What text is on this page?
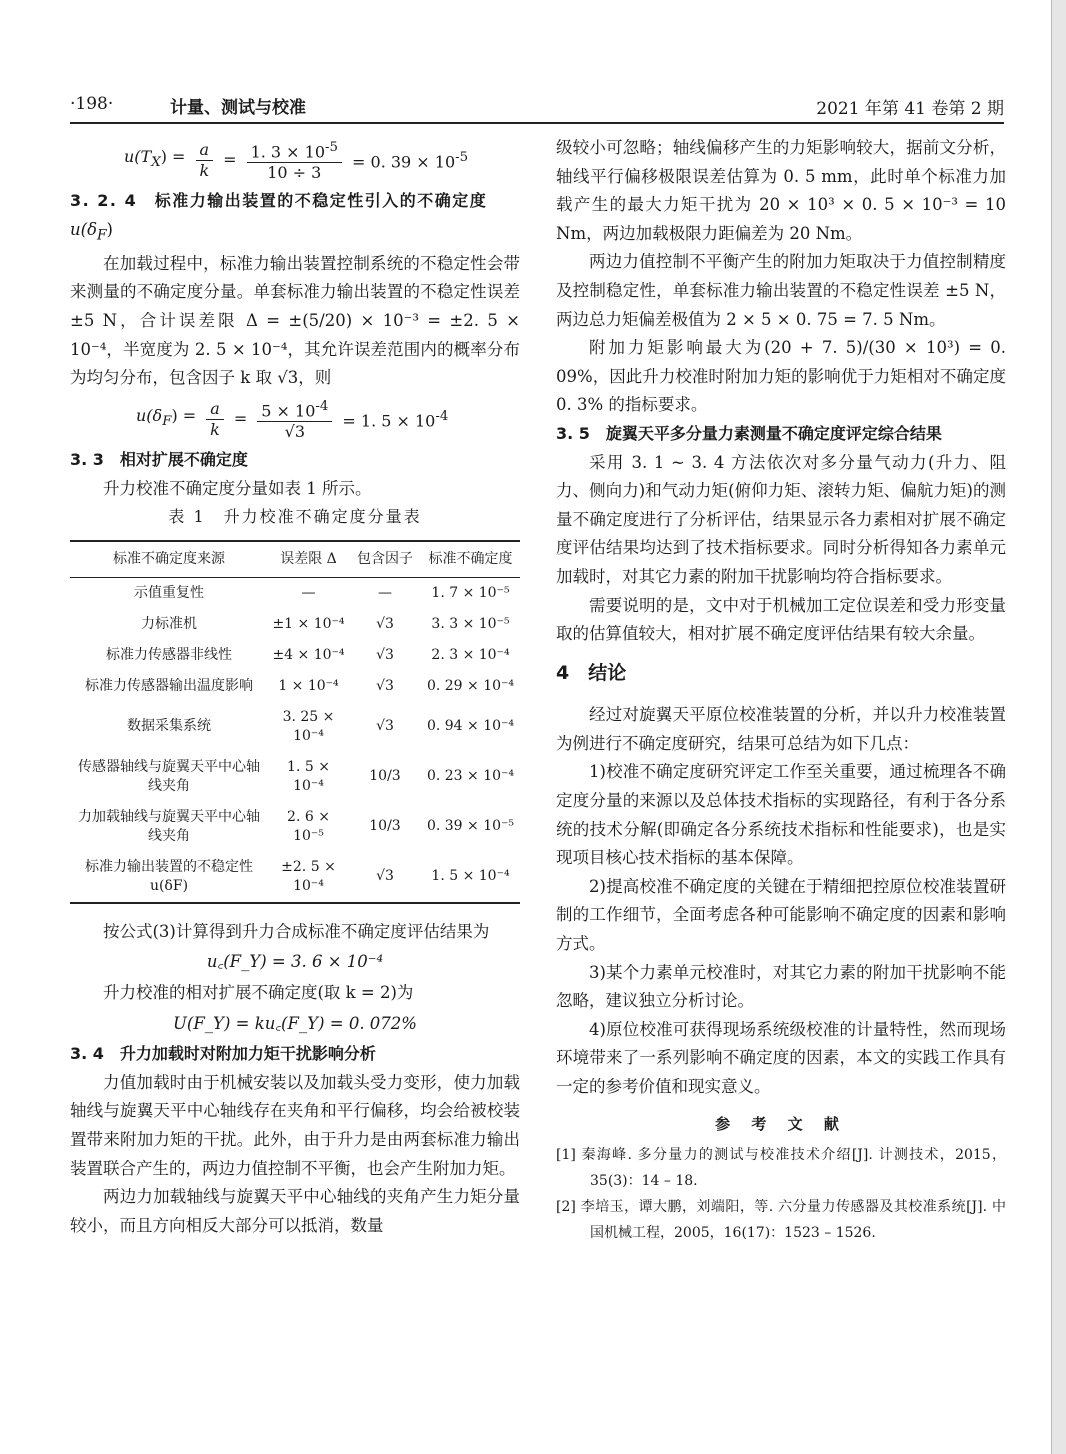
·198·	计量、测试与校准	2021 年第 41 卷第 2 期
$u(T_X) = \frac{a}{k} = \frac{1. 3 \times 10^{-5}}{10 \div 3} = 0$. $39 \times 10^{-5}$

3. 2. 4　标准力输出装置的不稳定性引入的不确定度

$u(\delta_F)$

在加载过程中，标准力输出装置控制系统的不稳定性会带来测量的不确定度分量。单套标准力输出装置的不稳定性误差 ±5 N，合计误差限 Δ = ±(5/20) × 10⁻³ = ±2. 5 × 10⁻⁴，半宽度为 2. 5 × 10⁻⁴，其允许误差范围内的概率分布为均匀分布，包含因子 k 取 √3，则

$u(\delta_F) = \frac{a}{k} = \frac{5 \times 10^{-4}}{√3} = 1$. $5 \times 10^{-4}$

3. 3　相对扩展不确定度

升力校准不确定度分量如表 1 所示。

表 1　升力校准不确定度分量表

标准不确定度来源	误差限 Δ	包含因子	标准不确定度
示值重复性	—	—	1. 7 × 10⁻⁵
力标准机	±1 × 10⁻⁴	√3	3. 3 × 10⁻⁵
标准力传感器非线性	±4 × 10⁻⁴	√3	2. 3 × 10⁻⁴
标准力传感器输出温度影响	1 × 10⁻⁴	√3	0. 29 × 10⁻⁴
数据采集系统	3. 25 × 10⁻⁴	√3	0. 94 × 10⁻⁴
传感器轴线与旋翼天平中心轴线夹角	1. 5 × 10⁻⁴	10/3	0. 23 × 10⁻⁴
力加载轴线与旋翼天平中心轴线夹角	2. 6 × 10⁻⁵	10/3	0. 39 × 10⁻⁵
标准力输出装置的不稳定性 u(δF)	±2. 5 × 10⁻⁴	√3	1. 5 × 10⁻⁴

按公式(3)计算得到升力合成标准不确定度评估结果为

u꜀(F_Y) = 3. 6 × 10⁻⁴

升力校准的相对扩展不确定度(取 k = 2)为

U(F_Y) = ku꜀(F_Y) = 0. 072%

3. 4　升力加载时对附加力矩干扰影响分析

力值加载时由于机械安装以及加载头受力变形，使力加载轴线与旋翼天平中心轴线存在夹角和平行偏移，均会给被校装置带来附加力矩的干扰。此外，由于升力是由两套标准力输出装置联合产生的，两边力值控制不平衡，也会产生附加力矩。

两边力加载轴线与旋翼天平中心轴线的夹角产生力矩分量较小，而且方向相反大部分可以抵消，数量

级较小可忽略；轴线偏移产生的力矩影响较大，据前文分析，轴线平行偏移极限误差估算为 0. 5 mm，此时单个标准力加载产生的最大力矩干扰为 20 × 10³ × 0. 5 × 10⁻³ = 10 Nm，两边加载极限力距偏差为 20 Nm。

两边力值控制不平衡产生的附加力矩取决于力值控制精度及控制稳定性，单套标准力输出装置的不稳定性误差 ±5 N，两边总力矩偏差极值为 2 × 5 × 0. 75 = 7. 5 Nm。

附加力矩影响最大为(20 + 7. 5)/(30 × 10³) = 0. 09%，因此升力校准时附加力矩的影响优于力矩相对不确定度 0. 3% 的指标要求。

3. 5　旋翼天平多分量力素测量不确定度评定综合结果

采用 3. 1 ~ 3. 4 方法依次对多分量气动力(升力、阻力、侧向力)和气动力矩(俯仰力矩、滚转力矩、偏航力矩)的测量不确定度进行了分析评估，结果显示各力素相对扩展不确定度评估结果均达到了技术指标要求。同时分析得知各力素单元加载时，对其它力素的附加干扰影响均符合指标要求。

需要说明的是，文中对于机械加工定位误差和受力形变量取的估算值较大，相对扩展不确定度评估结果有较大余量。

4　结论

经过对旋翼天平原位校准装置的分析，并以升力校准装置为例进行不确定度研究，结果可总结为如下几点：

1)校准不确定度研究评定工作至关重要，通过梳理各不确定度分量的来源以及总体技术指标的实现路径，有利于各分系统的技术分解(即确定各分系统技术指标和性能要求)，也是实现项目核心技术指标的基本保障。

2)提高校准不确定度的关键在于精细把控原位校准装置研制的工作细节，全面考虑各种可能影响不确定度的因素和影响方式。

3)某个力素单元校准时，对其它力素的附加干扰影响不能忽略，建议独立分析讨论。

4)原位校准可获得现场系统级校准的计量特性，然而现场环境带来了一系列影响不确定度的因素，本文的实践工作具有一定的参考价值和现实意义。

参 考 文 献

[1] 秦海峰. 多分量力的测试与校准技术介绍[J]. 计测技术，2015，35(3)：14 – 18.

[2] 李培玉，谭大鹏，刘端阳，等. 六分量力传感器及其校准系统[J]. 中国机械工程，2005，16(17)：1523 – 1526.
